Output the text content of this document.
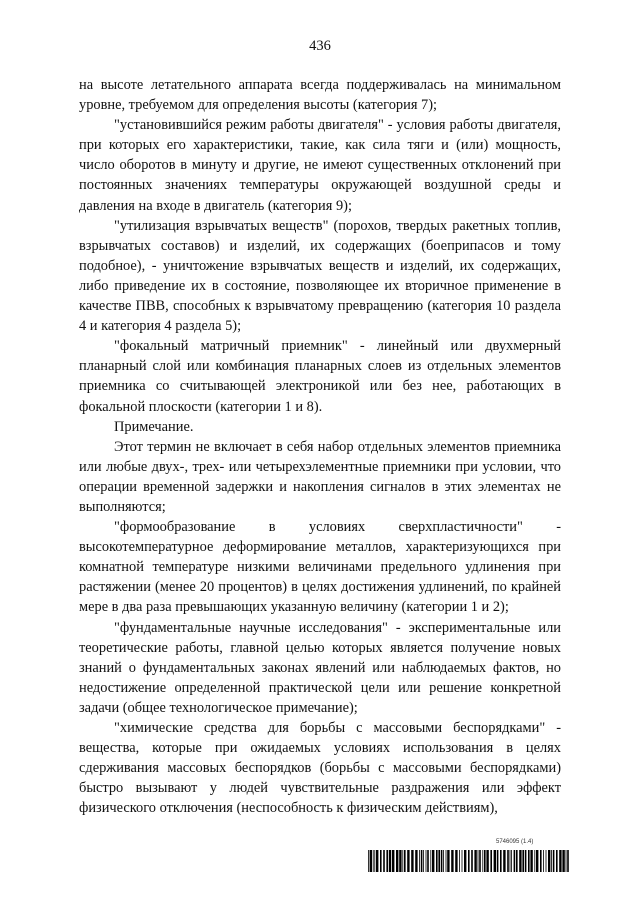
436

на высоте летательного аппарата всегда поддерживалась на минимальном уровне, требуемом для определения высоты (категория 7);

"установившийся режим работы двигателя" - условия работы двигателя, при которых его характеристики, такие, как сила тяги и (или) мощность, число оборотов в минуту и другие, не имеют существенных отклонений при постоянных значениях температуры окружающей воздушной среды и давления на входе в двигатель (категория 9);

"утилизация взрывчатых веществ" (порохов, твердых ракетных топлив, взрывчатых составов) и изделий, их содержащих (боеприпасов и тому подобное), - уничтожение взрывчатых веществ и изделий, их содержащих, либо приведение их в состояние, позволяющее их вторичное применение в качестве ПВВ, способных к взрывчатому превращению (категория 10 раздела 4 и категория 4 раздела 5);

"фокальный матричный приемник" - линейный или двухмерный планарный слой или комбинация планарных слоев из отдельных элементов приемника со считывающей электроникой или без нее, работающих в фокальной плоскости (категории 1 и 8).

Примечание.

Этот термин не включает в себя набор отдельных элементов приемника или любые двух-, трех- или четырехэлементные приемники при условии, что операции временной задержки и накопления сигналов в этих элементах не выполняются;

"формообразование в условиях сверхпластичности" - высокотемпературное деформирование металлов, характеризующихся при комнатной температуре низкими величинами предельного удлинения при растяжении (менее 20 процентов) в целях достижения удлинений, по крайней мере в два раза превышающих указанную величину (категории 1 и 2);

"фундаментальные научные исследования" - экспериментальные или теоретические работы, главной целью которых является получение новых знаний о фундаментальных законах явлений или наблюдаемых фактов, но недостижение определенной практической цели или решение конкретной задачи (общее технологическое примечание);

"химические средства для борьбы с массовыми беспорядками" - вещества, которые при ожидаемых условиях использования в целях сдерживания массовых беспорядков (борьбы с массовыми беспорядками) быстро вызывают у людей чувствительные раздражения или эффект физического отключения (неспособность к физическим действиям),

5746095 (1.4)
